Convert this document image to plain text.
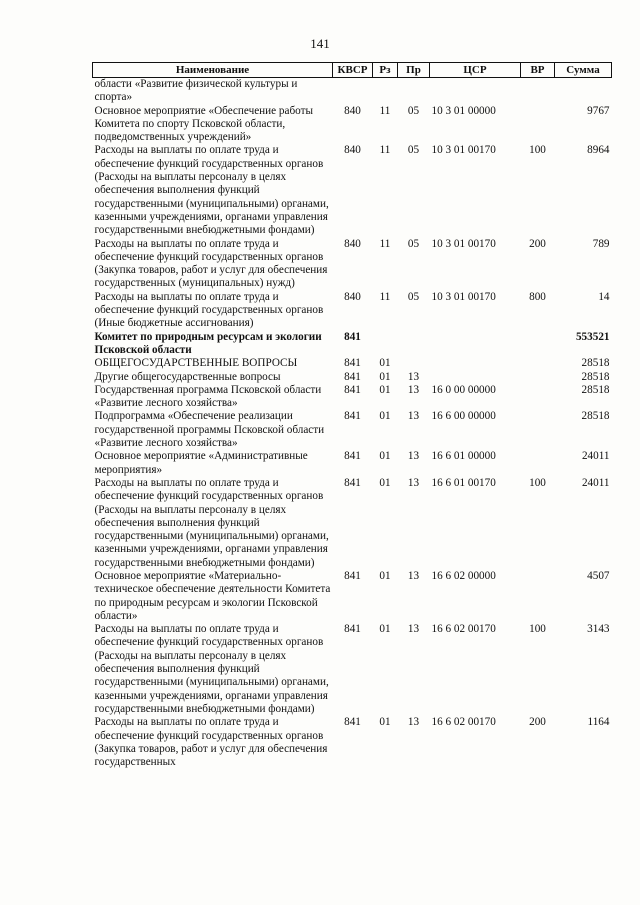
141
Наименование	КВСР	Рз	Пр	ЦСР	ВР	Сумма
области «Развитие физической культуры и спорта»						
Основное мероприятие «Обеспечение работы Комитета по спорту Псковской области, подведомственных учреждений»	840	11	05	10 3 01 00000		9767
Расходы на выплаты по оплате труда и обеспечение функций государственных органов (Расходы на выплаты персоналу в целях обеспечения выполнения функций государственными (муниципальными) органами, казенными учреждениями, органами управления государственными внебюджетными фондами)	840	11	05	10 3 01 00170	100	8964
Расходы на выплаты по оплате труда и обеспечение функций государственных органов (Закупка товаров, работ и услуг для обеспечения государственных (муниципальных) нужд)	840	11	05	10 3 01 00170	200	789
Расходы на выплаты по оплате труда и обеспечение функций государственных органов (Иные бюджетные ассигнования)	840	11	05	10 3 01 00170	800	14
Комитет по природным ресурсам и экологии Псковской области	841					553521
ОБЩЕГОСУДАРСТВЕННЫЕ ВОПРОСЫ	841	01				28518
Другие общегосударственные вопросы	841	01	13			28518
Государственная программа Псковской области «Развитие лесного хозяйства»	841	01	13	16 0 00 00000		28518
Подпрограмма «Обеспечение реализации государственной программы Псковской области «Развитие лесного хозяйства»	841	01	13	16 6 00 00000		28518
Основное мероприятие «Административные мероприятия»	841	01	13	16 6 01 00000		24011
Расходы на выплаты по оплате труда и обеспечение функций государственных органов (Расходы на выплаты персоналу в целях обеспечения выполнения функций государственными (муниципальными) органами, казенными учреждениями, органами управления государственными внебюджетными фондами)	841	01	13	16 6 01 00170	100	24011
Основное мероприятие «Материально-техническое обеспечение деятельности Комитета по природным ресурсам и экологии Псковской области»	841	01	13	16 6 02 00000		4507
Расходы на выплаты по оплате труда и обеспечение функций государственных органов (Расходы на выплаты персоналу в целях обеспечения выполнения функций государственными (муниципальными) органами, казенными учреждениями, органами управления государственными внебюджетными фондами)	841	01	13	16 6 02 00170	100	3143
Расходы на выплаты по оплате труда и обеспечение функций государственных органов (Закупка товаров, работ и услуг для обеспечения государственных	841	01	13	16 6 02 00170	200	1164
